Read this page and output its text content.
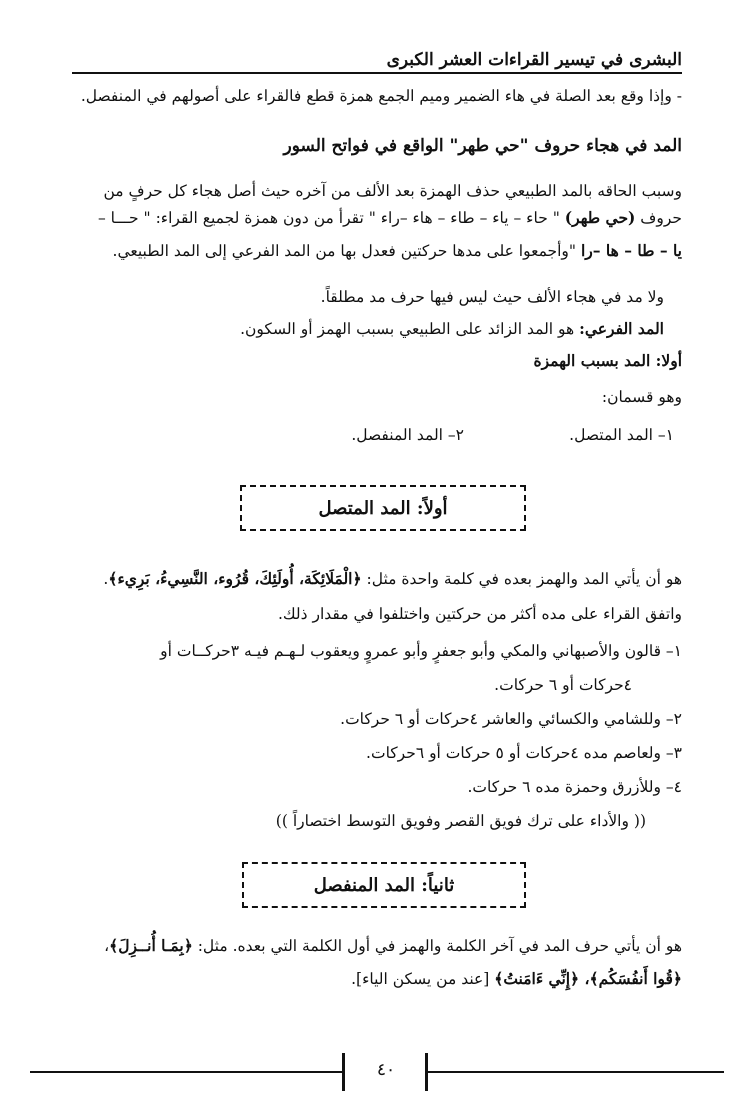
البشرى في تيسير القراءات العشر الكبرى
- وإذا وقع بعد الصلة في هاء الضمير وميم الجمع همزة قطع فالقراء على أصولهم في المنفصل.
المد في هجاء حروف "حي طهر" الواقع في فواتح السور
وسبب الحاقه بالمد الطبيعي حذف الهمزة بعد الألف من آخره حيث أصل هجاء كل حرفٍ من
حروف (حي طهر) " حاء – ياء – طاء – هاء –راء " تقرأ من دون همزة لجميع القراء: " حـــا –
يا – طا – ها –را "وأجمعوا على مدها حركتين فعدل بها من المد الفرعي إلى المد الطبيعي.
ولا مد في هجاء الألف حيث ليس فيها حرف مد مطلقاً.
المد الفرعي: هو المد الزائد على الطبيعي بسبب الهمز أو السكون.
أولا: المد بسبب الهمزة
وهو قسمان:
١– المد المتصل.
٢– المد المنفصل.
أولاً: المد المتصل
هو أن يأتي المد والهمز بعده في كلمة واحدة مثل: ﴿الْمَلَائِكَة، أُولَئِكَ، قُرُوء، النَّسِيءُ، بَرِيء﴾.
واتفق القراء على مده أكثر من حركتين واختلفوا في مقدار ذلك.
١– قالون والأصبهاني والمكي وأبو جعفرٍ وأبو عمروٍ ويعقوب لـهـم فيـه ٣حركــات أو
٤حركات أو ٦ حركات.
٢– وللشامي والكسائي والعاشر ٤حركات أو ٦ حركات.
٣– ولعاصم مده ٤حركات أو ٥ حركات أو ٦حركات.
٤– وللأزرق وحمزة مده ٦ حركات.
(( والأداء على ترك فويق القصر وفويق التوسط اختصاراً ))
ثانياً: المد المنفصل
هو أن يأتي حرف المد في آخر الكلمة والهمز في أول الكلمة التي بعده. مثل: ﴿بِمَـا أُنــزِلَ﴾،
﴿قُوا أَنفُسَكُم﴾، ﴿إِنِّي ءَامَنتُ﴾ [عند من يسكن الياء].
٤٠
